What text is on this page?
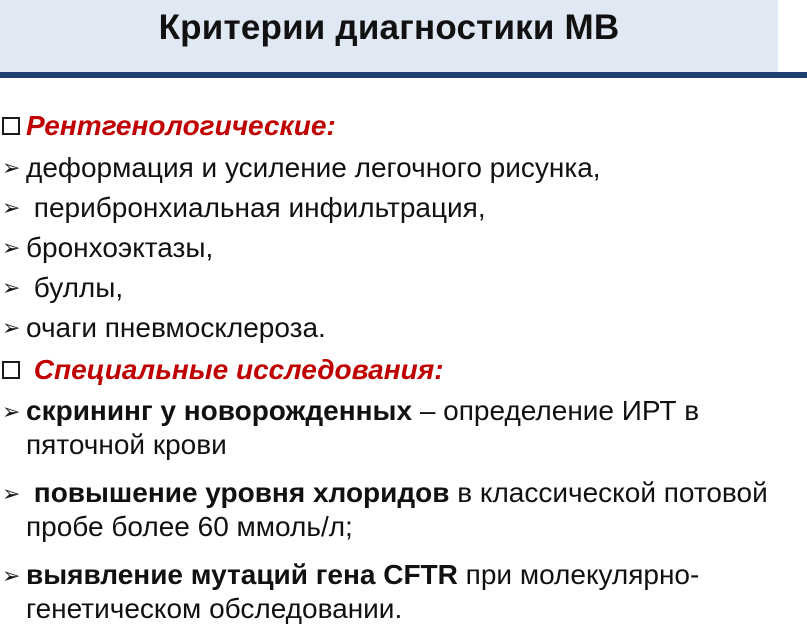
Критерии диагностики МВ
Рентгенологические:
➢ деформация и усиление легочного рисунка,
➢ перибронхиальная инфильтрация,
➢ бронхоэктазы,
➢ буллы,
➢ очаги пневмосклероза.
Специальные исследования:
➢ скрининг у новорожденных – определение ИРТ в пяточной крови
➢ повышение уровня хлоридов в классической потовой пробе более 60 ммоль/л;
➢ выявление мутаций гена CFTR при молекулярно-генетическом обследовании.
